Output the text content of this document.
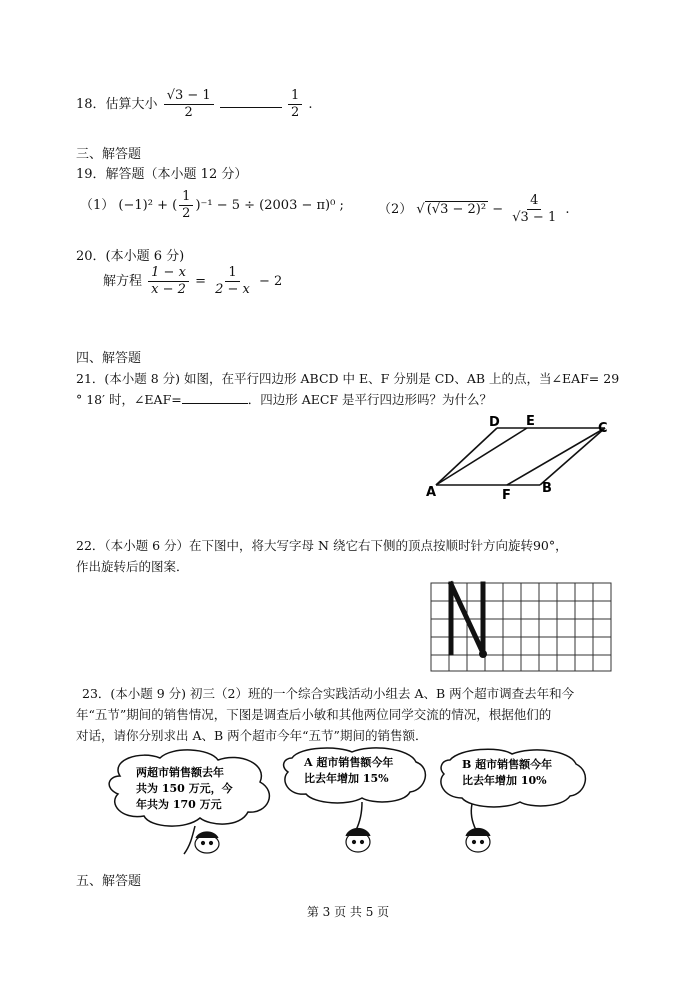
18．估算大小 $\frac{√3 - 1}{2}$
	$\frac{1}{2}$ .
三、解答题
19．解答题（本小题 12 分）
（1） (−1)² + ( $\frac{1}{2} )^{-1} - 5 \div (2003 - \pi)^0$ ;	（2） √ $(√3 - 2)^2 - \frac{4}{√3 - 1}$ .
20．(本小题 6 分)
解方程 $\frac{1 - x}{x - 2} = \frac{1}{2 - x} - 2$
四、解答题
21．(本小题 8 分) 如图，在平行四边形 ABCD 中 E、F 分别是 CD、AB 上的点，当∠EAF= 29
° 18′ 时，∠EAF=	．四边形 AECF 是平行四边形吗？为什么？
D E	C
A	F B
22．（本小题 6 分）在下图中，将大写字母 N 绕它右下侧的顶点按顺时针方向旋转90°，
作出旋转后的图案．
23．(本小题 9 分) 初三（2）班的一个综合实践活动小组去 A、B 两个超市调查去年和今
年“五节”期间的销售情况，下图是调查后小敏和其他两位同学交流的情况，根据他们的
对话，请你分别求出 A、B 两个超市今年“五节”期间的销售额．
两超市销售额去年
共为 150 万元，今
年共为 170 万元
A 超市销售额今年
比去年增加 15%
B 超市销售额今年
比去年增加 10%
五、解答题
第 3 页 共 5 页
